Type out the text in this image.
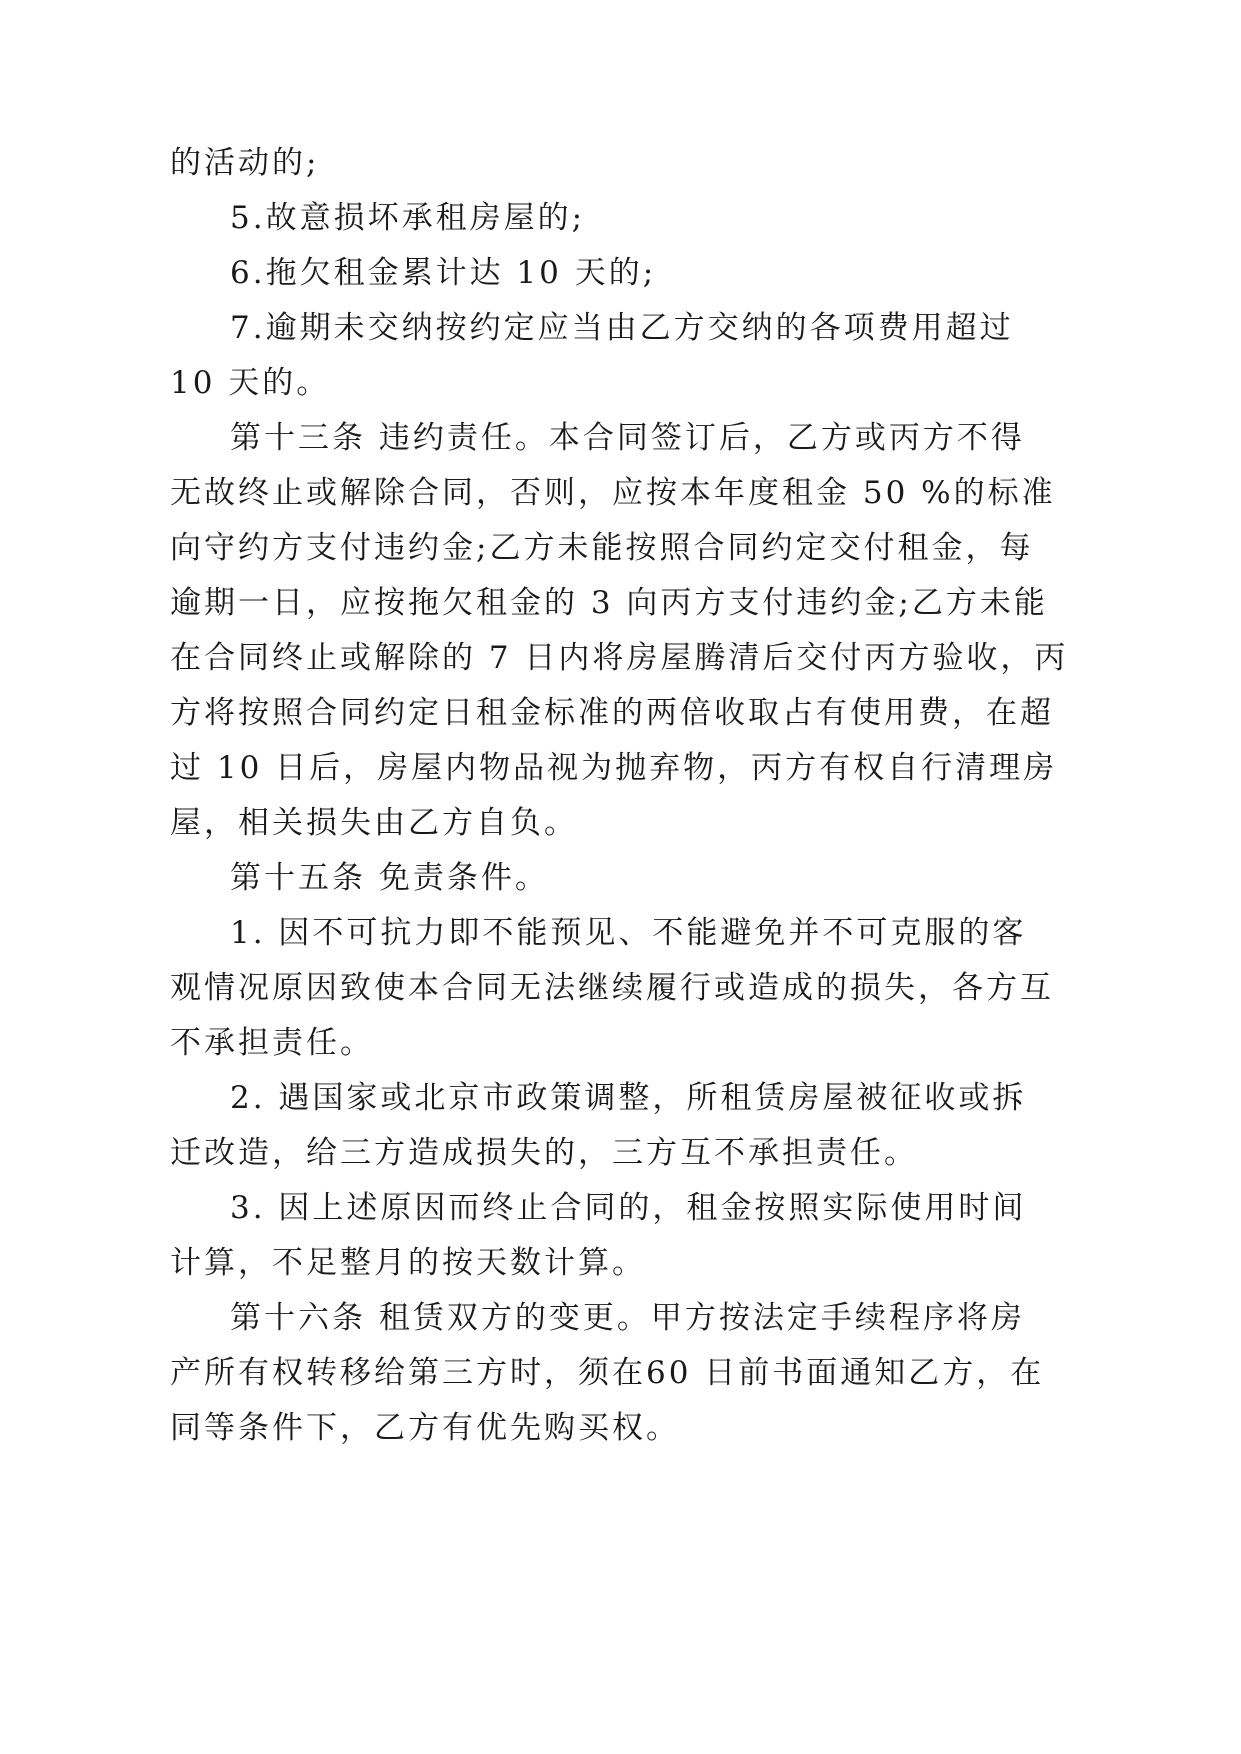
的活动的;
5.故意损坏承租房屋的;
6.拖欠租金累计达 10 天的;
7.逾期未交纳按约定应当由乙方交纳的各项费用超过
10 天的。
第十三条 违约责任。本合同签订后，乙方或丙方不得
无故终止或解除合同，否则，应按本年度租金 50 %的标准
向守约方支付违约金;乙方未能按照合同约定交付租金，每
逾期一日，应按拖欠租金的 3 向丙方支付违约金;乙方未能
在合同终止或解除的 7 日内将房屋腾清后交付丙方验收，丙
方将按照合同约定日租金标准的两倍收取占有使用费，在超
过 10 日后，房屋内物品视为抛弃物，丙方有权自行清理房
屋，相关损失由乙方自负。
第十五条 免责条件。
1. 因不可抗力即不能预见、不能避免并不可克服的客
观情况原因致使本合同无法继续履行或造成的损失，各方互
不承担责任。
2. 遇国家或北京市政策调整，所租赁房屋被征收或拆
迁改造，给三方造成损失的，三方互不承担责任。
3. 因上述原因而终止合同的，租金按照实际使用时间
计算，不足整月的按天数计算。
第十六条 租赁双方的变更。甲方按法定手续程序将房
产所有权转移给第三方时，须在60 日前书面通知乙方，在
同等条件下，乙方有优先购买权。
